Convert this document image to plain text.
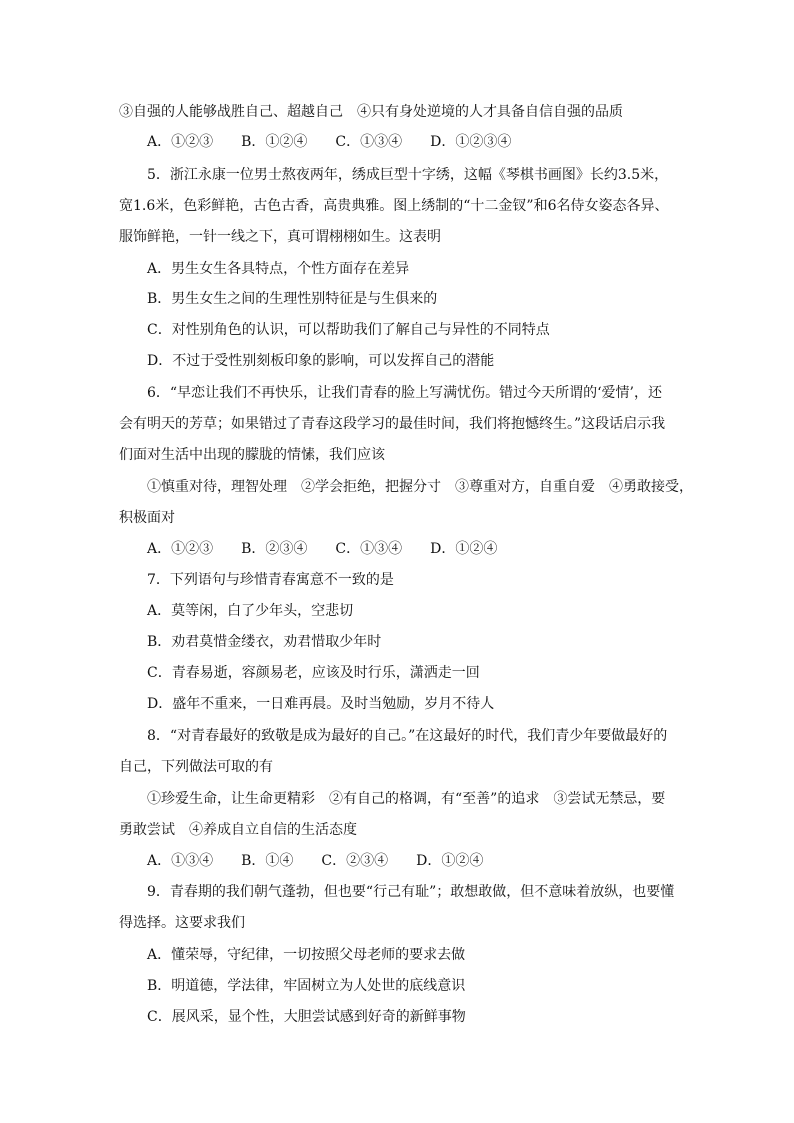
③自强的人能够战胜自己、超越自己　④只有身处逆境的人才具备自信自强的品质
A．①②③ B．①②④ C．①③④ D．①②③④
5．浙江永康一位男士熬夜两年，绣成巨型十字绣，这幅《琴棋书画图》长约3.5米，
宽1.6米，色彩鲜艳，古色古香，高贵典雅。图上绣制的“十二金钗”和6名侍女姿态各异、
服饰鲜艳，一针一线之下，真可谓栩栩如生。这表明
A．男生女生各具特点，个性方面存在差异
B．男生女生之间的生理性别特征是与生俱来的
C．对性别角色的认识，可以帮助我们了解自己与异性的不同特点
D．不过于受性别刻板印象的影响，可以发挥自己的潜能
6．“早恋让我们不再快乐，让我们青春的脸上写满忧伤。错过今天所谓的‘爱情’，还
会有明天的芳草；如果错过了青春这段学习的最佳时间，我们将抱憾终生。”这段话启示我
们面对生活中出现的朦胧的情愫，我们应该
①慎重对待，理智处理　②学会拒绝，把握分寸　③尊重对方，自重自爱　④勇敢接受，
积极面对
A．①②③ B．②③④ C．①③④ D．①②④
7．下列语句与珍惜青春寓意不一致的是
A．莫等闲，白了少年头，空悲切
B．劝君莫惜金缕衣，劝君惜取少年时
C．青春易逝，容颜易老，应该及时行乐，潇洒走一回
D．盛年不重来，一日难再晨。及时当勉励，岁月不待人
8．“对青春最好的致敬是成为最好的自己。”在这最好的时代，我们青少年要做最好的
自己，下列做法可取的有
①珍爱生命，让生命更精彩　②有自己的格调，有“至善”的追求　③尝试无禁忌，要
勇敢尝试　④养成自立自信的生活态度
A．①③④ B．①④ C．②③④ D．①②④
9．青春期的我们朝气蓬勃，但也要“行己有耻”；敢想敢做，但不意味着放纵，也要懂
得选择。这要求我们
A．懂荣辱，守纪律，一切按照父母老师的要求去做
B．明道德，学法律，牢固树立为人处世的底线意识
C．展风采，显个性，大胆尝试感到好奇的新鲜事物
